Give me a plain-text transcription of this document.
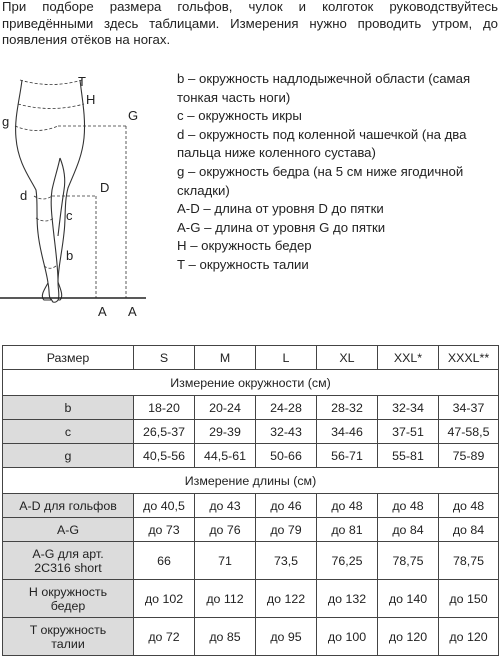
При подборе размера гольфов, чулок и колготок руководствуйтесь приведёнными здесь таблицами. Измерения нужно проводить утром, до появления отёков на ногах.
T
H
g	G
D
d
c
b
A A
b – окружность надлодыжечной области (самая тонкая часть ноги)
с – окружность икры
d – окружность под коленной чашечкой (на два пальца ниже коленного сустава)
g – окружность бедра (на 5 см ниже ягодичной складки)
A-D – длина от уровня D до пятки
A-G – длина от уровня G до пятки
H – окружность бедер
T – окружность талии
Размер	S	M	L	XL	XXL*	XXXL**
Измерение окружности (см)						
b	18-20	20-24	24-28	28-32	32-34	34-37
c	26,5-37	29-39	32-43	34-46	37-51	47-58,5
g	40,5-56	44,5-61	50-66	56-71	55-81	75-89
Измерение длины (см)						
A-D для гольфов	до 40,5	до 43	до 46	до 48	до 48	до 48
A-G	до 73	до 76	до 79	до 81	до 84	до 84
A-G для арт.
2C316 short	66	71	73,5	76,25	78,75	78,75
H окружность
бедер	до 102	до 112	до 122	до 132	до 140	до 150
T окружность
талии	до 72	до 85	до 95	до 100	до 120	до 120
